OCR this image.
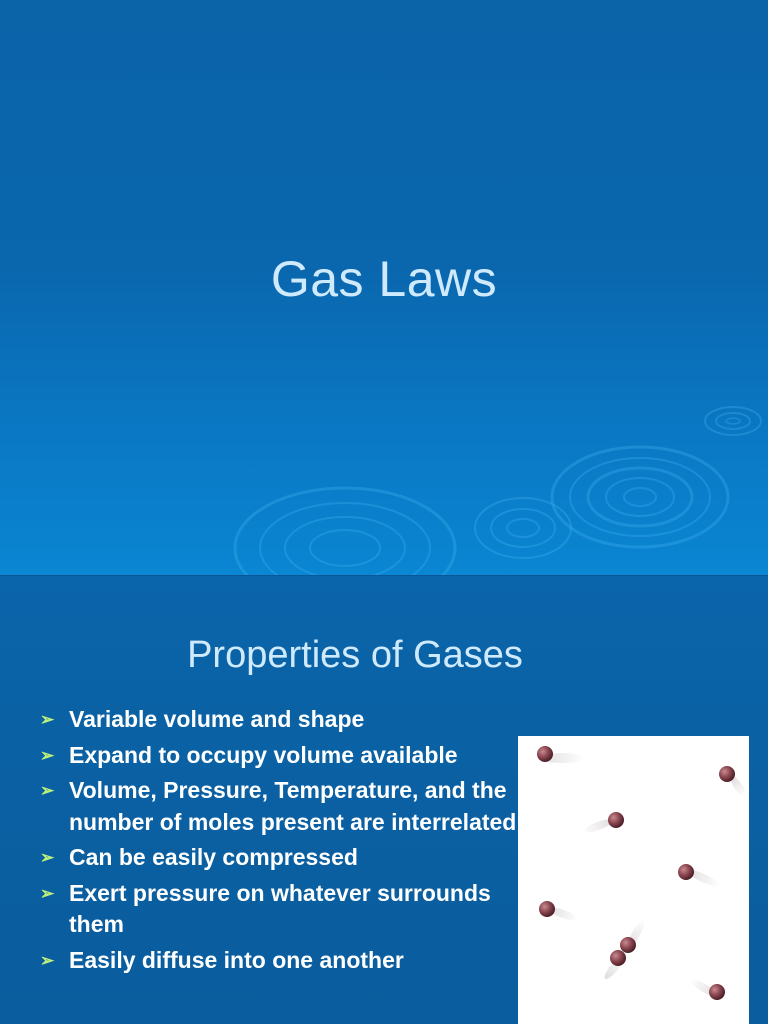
Gas Laws
Properties of Gases
➢ Variable volume and shape
➢ Expand to occupy volume available
➢ Volume, Pressure, Temperature, and the number of moles present are interrelated
➢ Can be easily compressed
➢ Exert pressure on whatever surrounds them
➢ Easily diffuse into one another
